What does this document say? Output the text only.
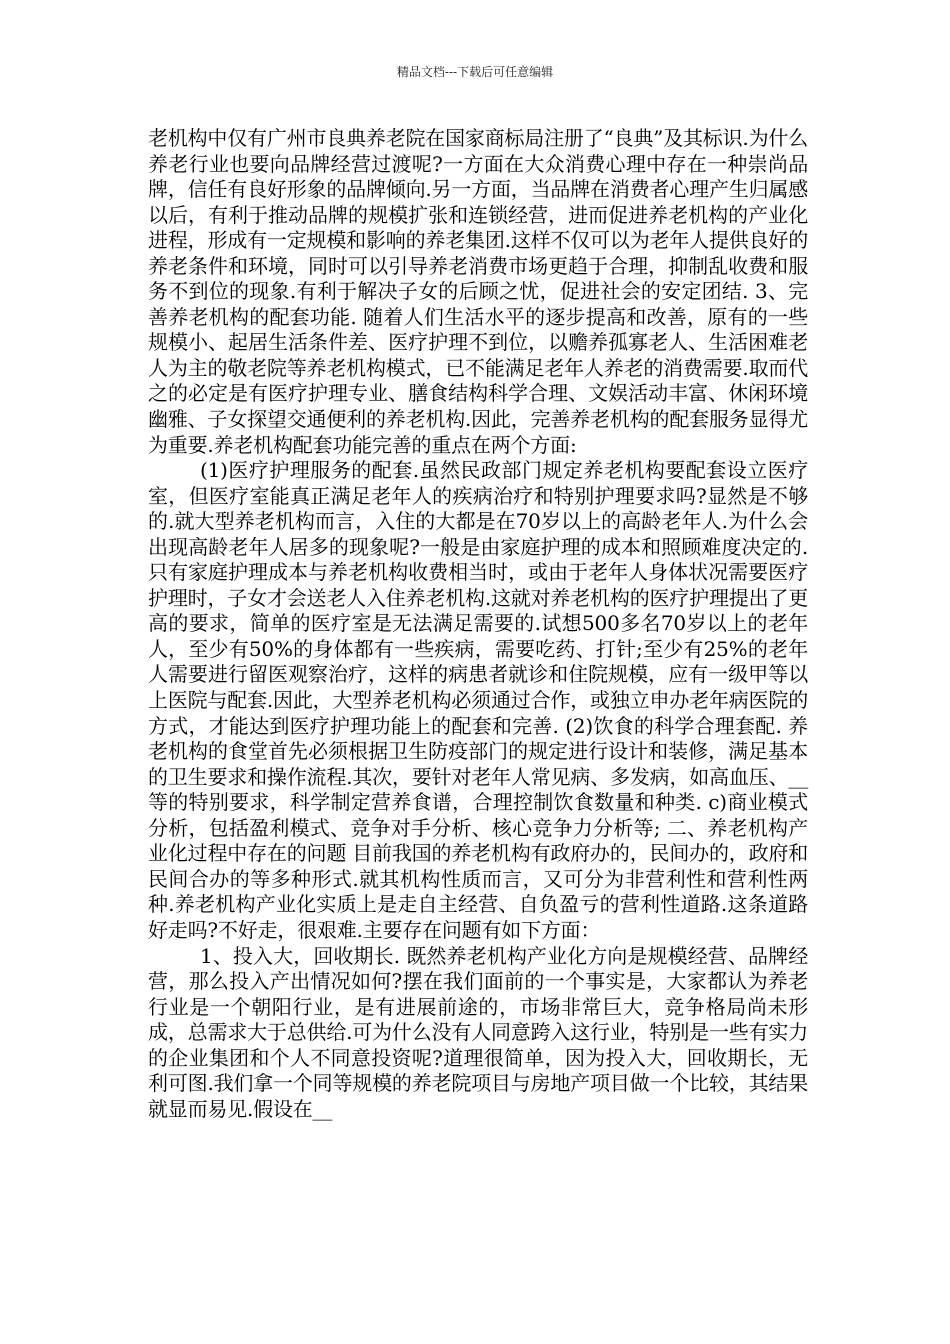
精品文档---下载后可任意编辑

老机构中仅有广州市良典养老院在国家商标局注册了“良典”及其标识.为什么养老行业也要向品牌经营过渡呢?一方面在大众消费心理中存在一种崇尚品牌，信任有良好形象的品牌倾向.另一方面，当品牌在消费者心理产生归属感以后，有利于推动品牌的规模扩张和连锁经营，进而促进养老机构的产业化进程，形成有一定规模和影响的养老集团.这样不仅可以为老年人提供良好的养老条件和环境，同时可以引导养老消费市场更趋于合理，抑制乱收费和服务不到位的现象.有利于解决子女的后顾之忧，促进社会的安定团结. 3、完善养老机构的配套功能. 随着人们生活水平的逐步提高和改善，原有的一些规模小、起居生活条件差、医疗护理不到位，以赡养孤寡老人、生活困难老人为主的敬老院等养老机构模式，已不能满足老年人养老的消费需要.取而代之的必定是有医疗护理专业、膳食结构科学合理、文娱活动丰富、休闲环境幽雅、子女探望交通便利的养老机构.因此，完善养老机构的配套服务显得尤为重要.养老机构配套功能完善的重点在两个方面:

(1)医疗护理服务的配套.虽然民政部门规定养老机构要配套设立医疗室，但医疗室能真正满足老年人的疾病治疗和特别护理要求吗?显然是不够的.就大型养老机构而言，入住的大都是在70岁以上的高龄老年人.为什么会出现高龄老年人居多的现象呢?一般是由家庭护理的成本和照顾难度决定的.只有家庭护理成本与养老机构收费相当时，或由于老年人身体状况需要医疗护理时，子女才会送老人入住养老机构.这就对养老机构的医疗护理提出了更高的要求，简单的医疗室是无法满足需要的.试想500多名70岁以上的老年人，至少有50%的身体都有一些疾病，需要吃药、打针;至少有25%的老年人需要进行留医观察治疗，这样的病患者就诊和住院规模，应有一级甲等以上医院与配套.因此，大型养老机构必须通过合作，或独立申办老年病医院的方式，才能达到医疗护理功能上的配套和完善. (2)饮食的科学合理套配. 养老机构的食堂首先必须根据卫生防疫部门的规定进行设计和装修，满足基本的卫生要求和操作流程.其次，要针对老年人常见病、多发病，如高血压、__等的特别要求，科学制定营养食谱，合理控制饮食数量和种类. c)商业模式分析，包括盈利模式、竞争对手分析、核心竞争力分析等; 二、养老机构产业化过程中存在的问题 目前我国的养老机构有政府办的，民间办的，政府和民间合办的等多种形式.就其机构性质而言，又可分为非营利性和营利性两种.养老机构产业化实质上是走自主经营、自负盈亏的营利性道路.这条道路好走吗?不好走，很艰难.主要存在问题有如下方面：

1、投入大，回收期长. 既然养老机构产业化方向是规模经营、品牌经营，那么投入产出情况如何?摆在我们面前的一个事实是，大家都认为养老行业是一个朝阳行业，是有进展前途的，市场非常巨大，竞争格局尚未形成，总需求大于总供给.可为什么没有人同意跨入这行业，特别是一些有实力的企业集团和个人不同意投资呢?道理很简单，因为投入大，回收期长，无利可图.我们拿一个同等规模的养老院项目与房地产项目做一个比较，其结果就显而易见.假设在__
